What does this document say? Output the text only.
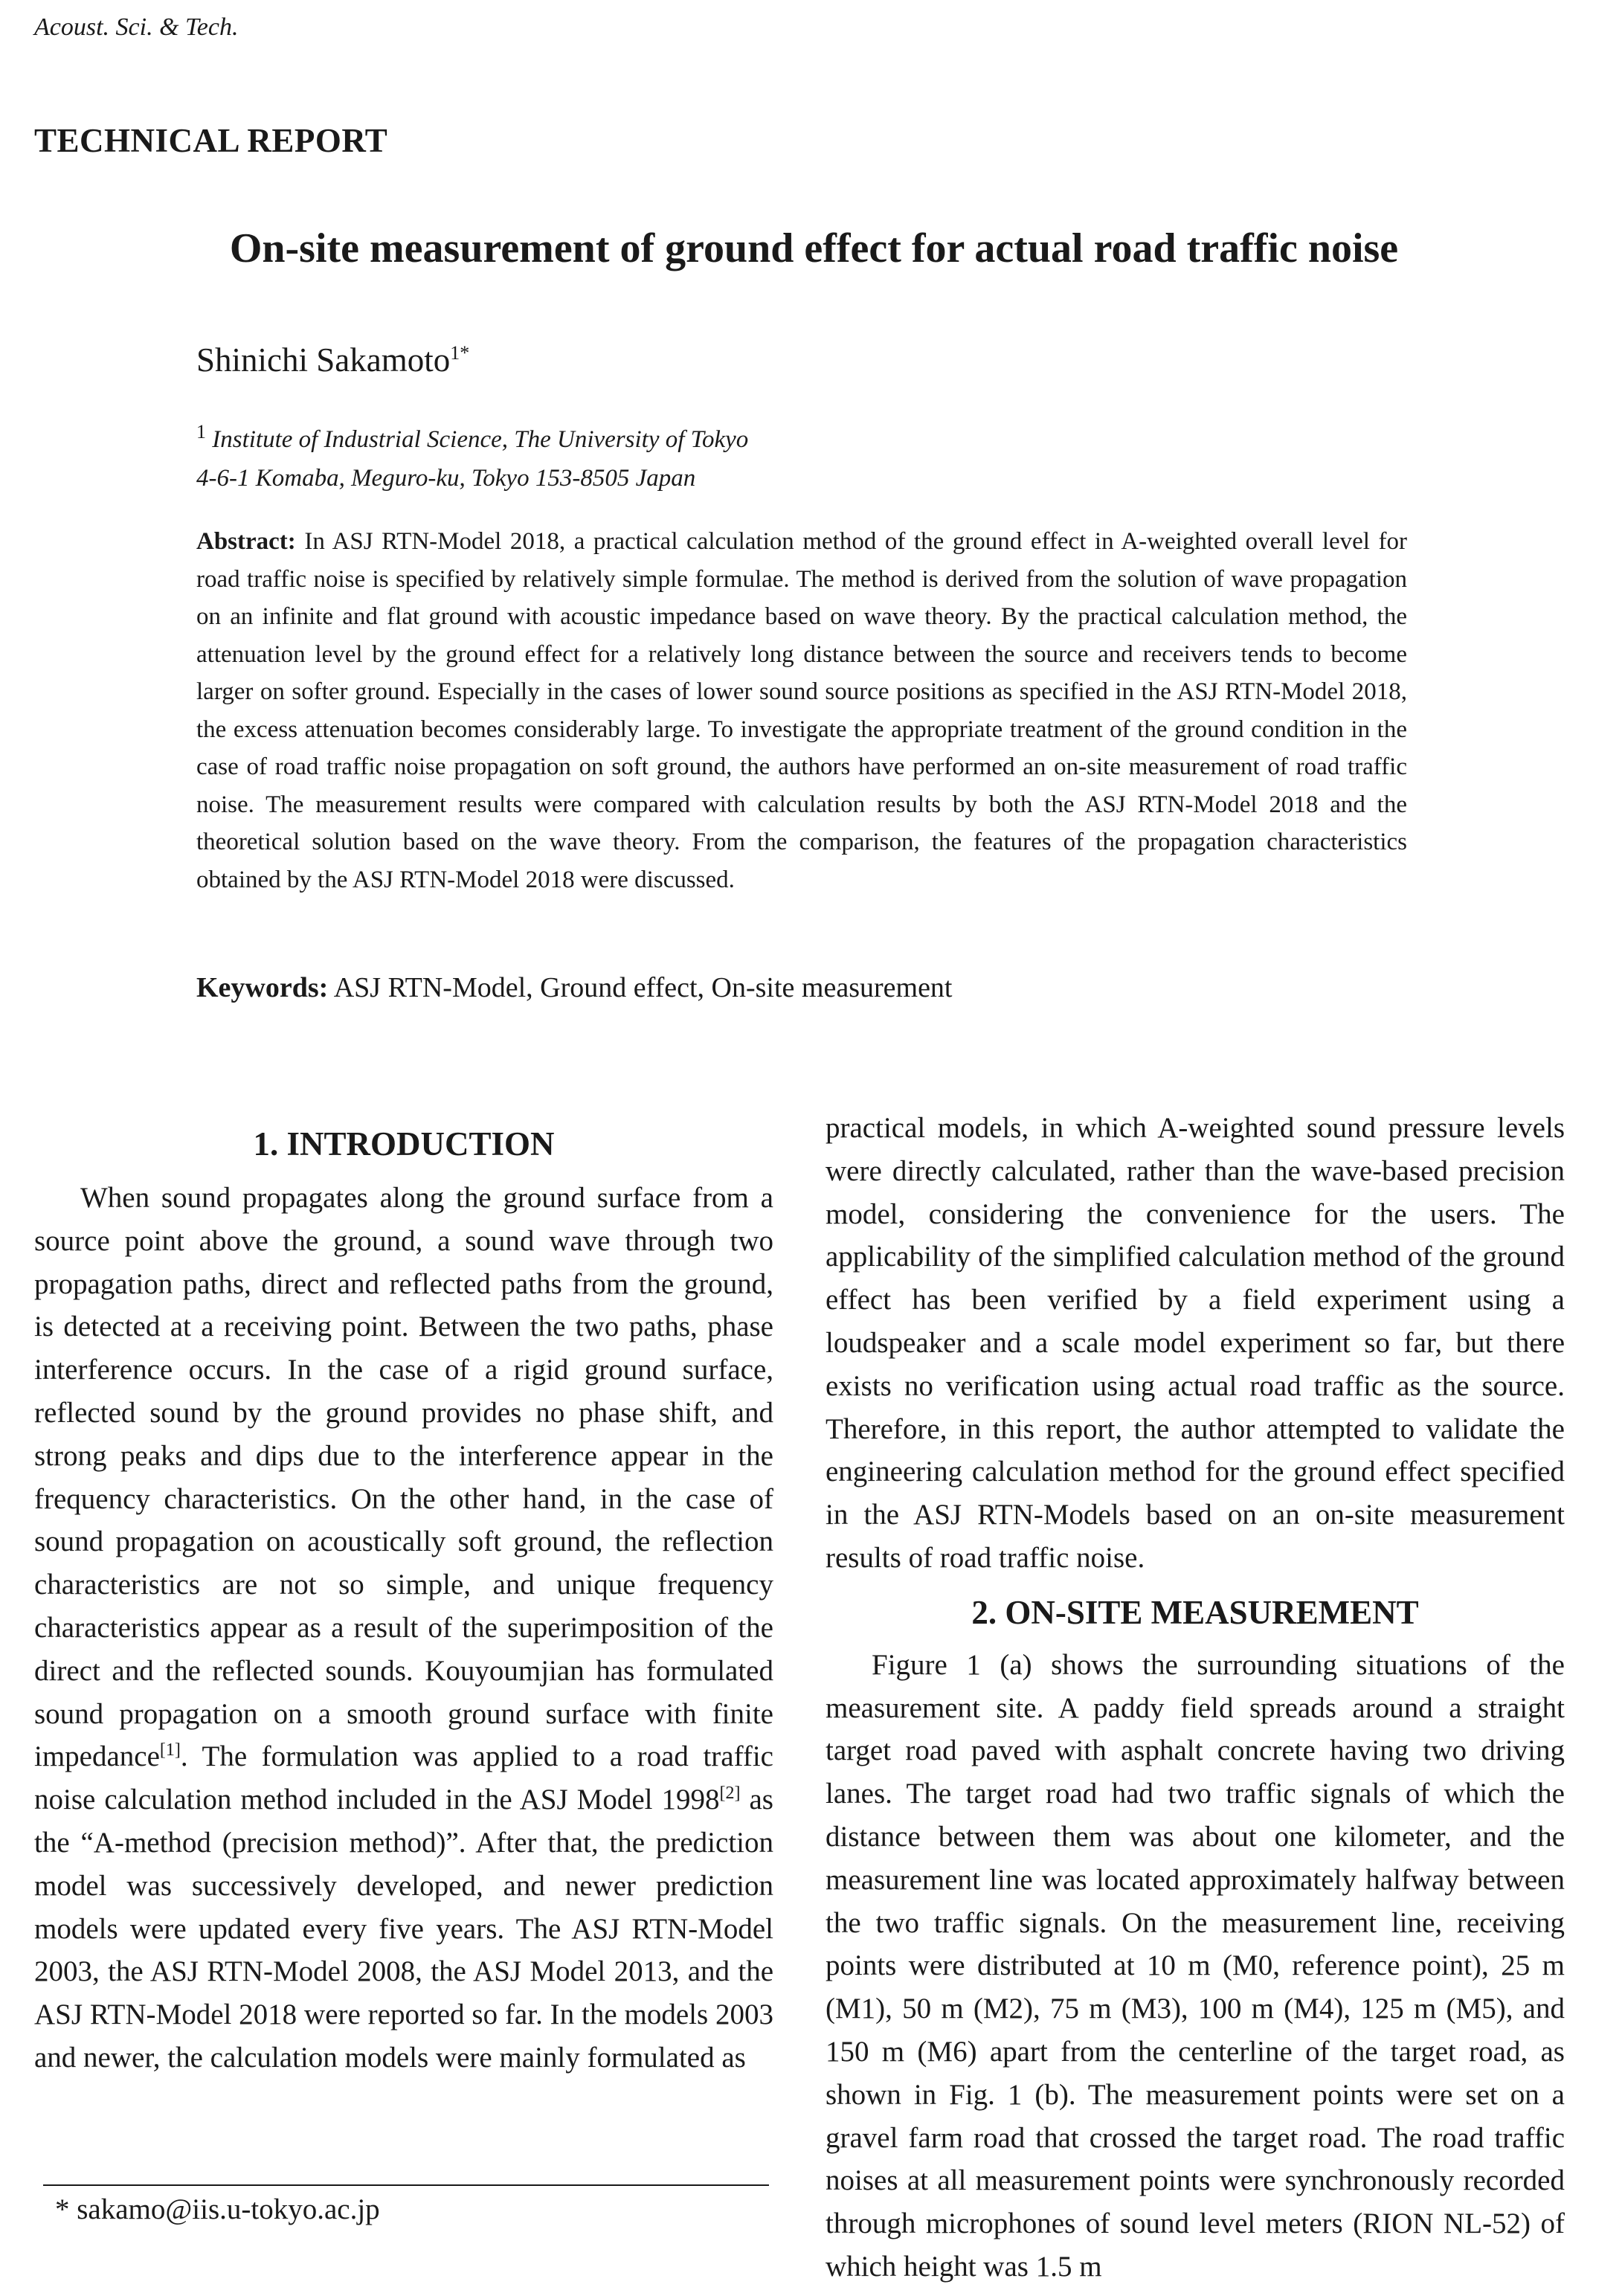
Acoust. Sci. & Tech.
TECHNICAL REPORT
On-site measurement of ground effect for actual road traffic noise
Shinichi Sakamoto$^{1*}$
$^1$ Institute of Industrial Science, The University of Tokyo
4-6-1 Komaba, Meguro-ku, Tokyo 153-8505 Japan
Abstract: In ASJ RTN-Model 2018, a practical calculation method of the ground effect in A-weighted overall level for road traffic noise is specified by relatively simple formulae. The method is derived from the solution of wave propagation on an infinite and flat ground with acoustic impedance based on wave theory. By the practical calculation method, the attenuation level by the ground effect for a relatively long distance between the source and receivers tends to become larger on softer ground. Especially in the cases of lower sound source positions as specified in the ASJ RTN-Model 2018, the excess attenuation becomes considerably large. To investigate the appropriate treatment of the ground condition in the case of road traffic noise propagation on soft ground, the authors have performed an on-site measurement of road traffic noise. The measurement results were compared with calculation results by both the ASJ RTN-Model 2018 and the theoretical solution based on the wave theory. From the comparison, the features of the propagation characteristics obtained by the ASJ RTN-Model 2018 were discussed.
Keywords: ASJ RTN-Model, Ground effect, On-site measurement
1. INTRODUCTION

When sound propagates along the ground surface from a source point above the ground, a sound wave through two propagation paths, direct and reflected paths from the ground, is detected at a receiving point. Between the two paths, phase interference occurs. In the case of a rigid ground surface, reflected sound by the ground provides no phase shift, and strong peaks and dips due to the interference appear in the frequency characteristics. On the other hand, in the case of sound propagation on acoustically soft ground, the reflection characteristics are not so simple, and unique frequency characteristics appear as a result of the superimposition of the direct and the reflected sounds. Kouyoumjian has formulated sound propagation on a smooth ground surface with finite impedance[1]. The formulation was applied to a road traffic noise calculation method included in the ASJ Model 1998[2] as the “A-method (precision method)”. After that, the prediction model was successively developed, and newer prediction models were updated every five years. The ASJ RTN-Model 2003, the ASJ RTN-Model 2008, the ASJ Model 2013, and the ASJ RTN-Model 2018 were reported so far. In the models 2003 and newer, the calculation models were mainly formulated as

practical models, in which A-weighted sound pressure levels were directly calculated, rather than the wave-based precision model, considering the convenience for the users. The applicability of the simplified calculation method of the ground effect has been verified by a field experiment using a loudspeaker and a scale model experiment so far, but there exists no verification using actual road traffic as the source. Therefore, in this report, the author attempted to validate the engineering calculation method for the ground effect specified in the ASJ RTN-Models based on an on-site measurement results of road traffic noise.

2. ON-SITE MEASUREMENT

Figure 1 (a) shows the surrounding situations of the measurement site. A paddy field spreads around a straight target road paved with asphalt concrete having two driving lanes. The target road had two traffic signals of which the distance between them was about one kilometer, and the measurement line was located approximately halfway between the two traffic signals. On the measurement line, receiving points were distributed at 10 m (M0, reference point), 25 m (M1), 50 m (M2), 75 m (M3), 100 m (M4), 125 m (M5), and 150 m (M6) apart from the centerline of the target road, as shown in Fig. 1 (b). The measurement points were set on a gravel farm road that crossed the target road. The road traffic noises at all measurement points were synchronously recorded through microphones of sound level meters (RION NL-52) of which height was 1.5 m

* sakamo@iis.u-tokyo.ac.jp
